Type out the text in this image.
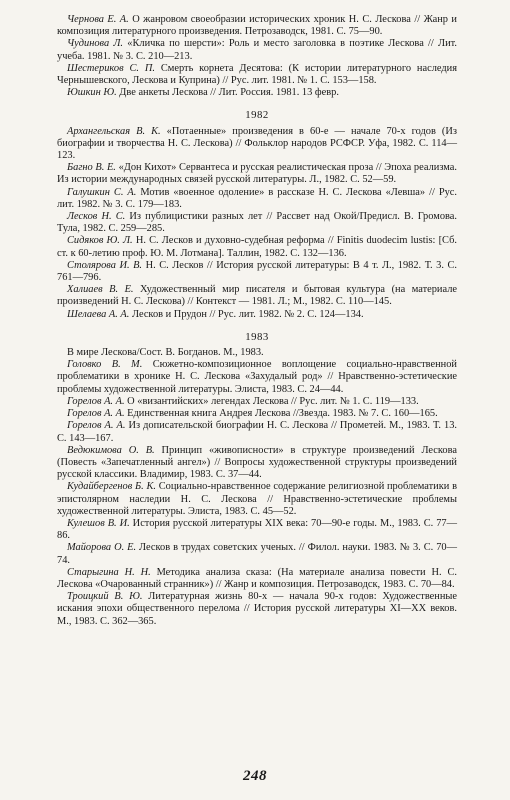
Чернова Е. А. О жанровом своеобразии исторических хроник Н. С. Лескова // Жанр и композиция литературного произведения. Петрозаводск, 1981. С. 75—90.

Чудинова Л. «Кличка по шерсти»: Роль и место заголовка в поэтике Лескова // Лит. учеба. 1981. № 3. С. 210—213.

Шестериков С. П. Смерть корнета Десятова: (К истории литературного наследия Чернышевского, Лескова и Куприна) // Рус. лит. 1981. № 1. С. 153—158.

Юшкин Ю. Две анкеты Лескова // Лит. Россия. 1981. 13 февр.

1982

Архангельская В. К. «Потаенные» произведения в 60-е — начале 70-х годов (Из биографии и творчества Н. С. Лескова) // Фольклор народов РСФСР. Уфа, 1982. С. 114—123.

Багно В. Е. «Дон Кихот» Сервантеса и русская реалистическая проза // Эпоха реализма. Из истории международных связей русской литературы. Л., 1982. С. 52—59.

Галушкин С. А. Мотив «военное одоление» в рассказе Н. С. Лескова «Левша» // Рус. лит. 1982. № 3. С. 179—183.

Лесков Н. С. Из публицистики разных лет // Рассвет над Окой/Предисл. В. Громова. Тула, 1982. С. 259—285.

Сидяков Ю. Л. Н. С. Лесков и духовно-судебная реформа // Finitis duodecim lustis: [Сб. ст. к 60-летию проф. Ю. М. Лотмана]. Таллин, 1982. С. 132—136.

Столярова И. В. Н. С. Лесков // История русской литературы: В 4 т. Л., 1982. Т. 3. С. 761—796.

Халиаев В. Е. Художественный мир писателя и бытовая культура (на материале произведений Н. С. Лескова) // Контекст — 1981. Л.; М., 1982. С. 110—145.

Шелаева А. А. Лесков и Прудон // Рус. лит. 1982. № 2. С. 124—134.

1983

В мире Лескова/Сост. В. Богданов. М., 1983.

Головко В. М. Сюжетно-композиционное воплощение социально-нравственной проблематики в хронике Н. С. Лескова «Захудалый род» // Нравственно-эстетические проблемы художественной литературы. Элиста, 1983. С. 24—44.

Горелов А. А. О «византийских» легендах Лескова // Рус. лит. № 1. С. 119—133.

Горелов А. А. Единственная книга Андрея Лескова //Звезда. 1983. № 7. С. 160—165.

Горелов А. А. Из дописательской биографии Н. С. Лескова // Прометей. М., 1983. Т. 13. С. 143—167.

Ведюкимова О. В. Принцип «живописности» в структуре произведений Лескова (Повесть «Запечатленный ангел») // Вопросы художественной структуры произведений русской классики. Владимир, 1983. С. 37—44.

Кудайбергенов Б. К. Социально-нравственное содержание религиозной проблематики в эпистолярном наследии Н. С. Лескова // Нравственно-эстетические проблемы художественной литературы. Элиста, 1983. С. 45—52.

Кулешов В. И. История русской литературы XIX века: 70—90-е годы. М., 1983. С. 77—86.

Майорова О. Е. Лесков в трудах советских ученых. // Филол. науки. 1983. № 3. С. 70—74.

Старыгина Н. Н. Методика анализа сказа: (На материале анализа повести Н. С. Лескова «Очарованный странник») // Жанр и композиция. Петрозаводск, 1983. С. 70—84.

Троицкий В. Ю. Литературная жизнь 80-х — начала 90-х годов: Художественные искания эпохи общественного перелома // История русской литературы XI—XX веков. М., 1983. С. 362—365.

248
